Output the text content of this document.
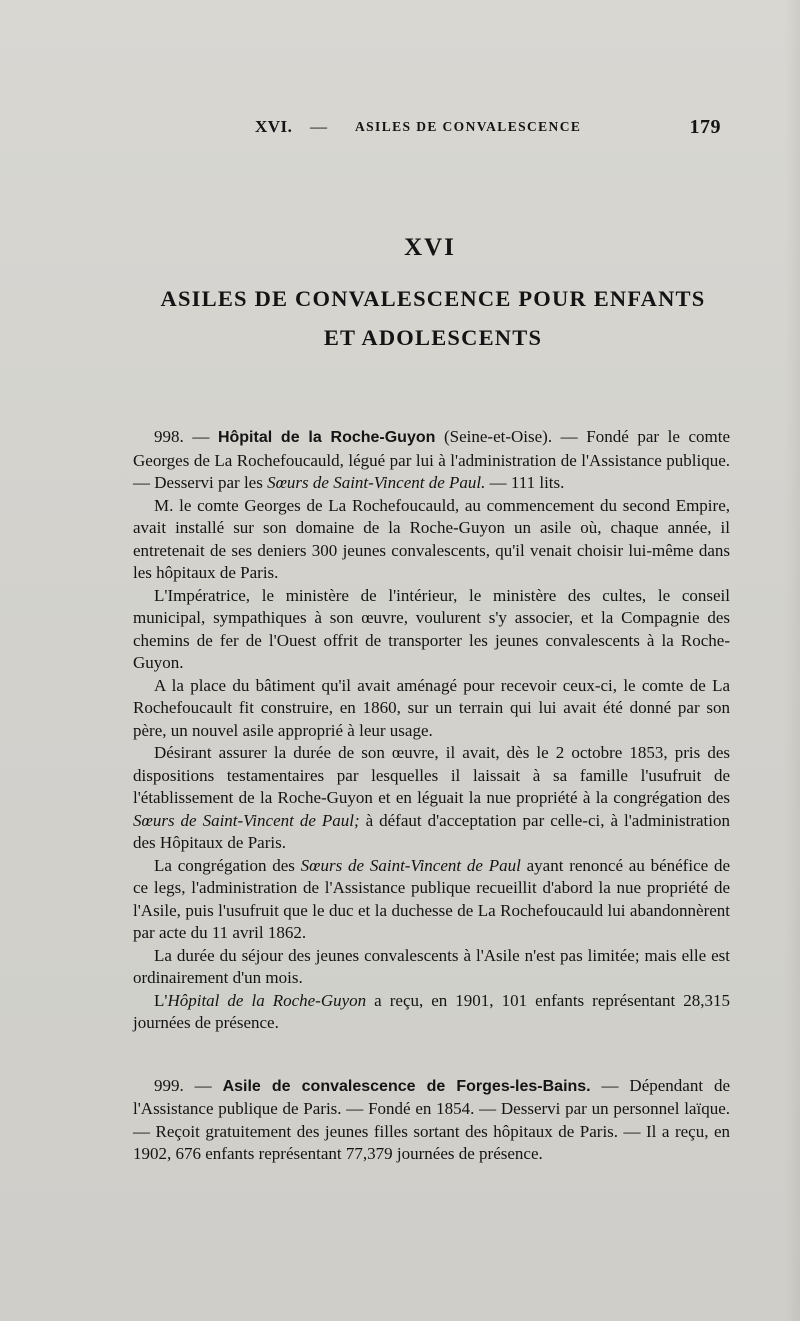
XVI. — ASILES DE CONVALESCENCE	179
XVI
ASILES DE CONVALESCENCE POUR ENFANTS
ET ADOLESCENTS

998. — Hôpital de la Roche-Guyon (Seine-et-Oise). — Fondé par le comte Georges de La Rochefoucauld, légué par lui à l'administration de l'Assistance publique. — Desservi par les Sœurs de Saint-Vincent de Paul. — 111 lits.

M. le comte Georges de La Rochefoucauld, au commencement du second Empire, avait installé sur son domaine de la Roche-Guyon un asile où, chaque année, il entretenait de ses deniers 300 jeunes convalescents, qu'il venait choisir lui-même dans les hôpitaux de Paris.

L'Impératrice, le ministère de l'intérieur, le ministère des cultes, le conseil municipal, sympathiques à son œuvre, voulurent s'y associer, et la Compagnie des chemins de fer de l'Ouest offrit de transporter les jeunes convalescents à la Roche-Guyon.

A la place du bâtiment qu'il avait aménagé pour recevoir ceux-ci, le comte de La Rochefoucault fit construire, en 1860, sur un terrain qui lui avait été donné par son père, un nouvel asile approprié à leur usage.

Désirant assurer la durée de son œuvre, il avait, dès le 2 octobre 1853, pris des dispositions testamentaires par lesquelles il laissait à sa famille l'usufruit de l'établissement de la Roche-Guyon et en léguait la nue propriété à la congrégation des Sœurs de Saint-Vincent de Paul; à défaut d'acceptation par celle-ci, à l'administration des Hôpitaux de Paris.

La congrégation des Sœurs de Saint-Vincent de Paul ayant renoncé au bénéfice de ce legs, l'administration de l'Assistance publique recueillit d'abord la nue propriété de l'Asile, puis l'usufruit que le duc et la duchesse de La Rochefoucauld lui abandonnèrent par acte du 11 avril 1862.

La durée du séjour des jeunes convalescents à l'Asile n'est pas limitée; mais elle est ordinairement d'un mois.

L'Hôpital de la Roche-Guyon a reçu, en 1901, 101 enfants représentant 28,315 journées de présence.

999. — Asile de convalescence de Forges-les-Bains. — Dépendant de l'Assistance publique de Paris. — Fondé en 1854. — Desservi par un personnel laïque. — Reçoit gratuitement des jeunes filles sortant des hôpitaux de Paris. — Il a reçu, en 1902, 676 enfants représentant 77,379 journées de présence.
